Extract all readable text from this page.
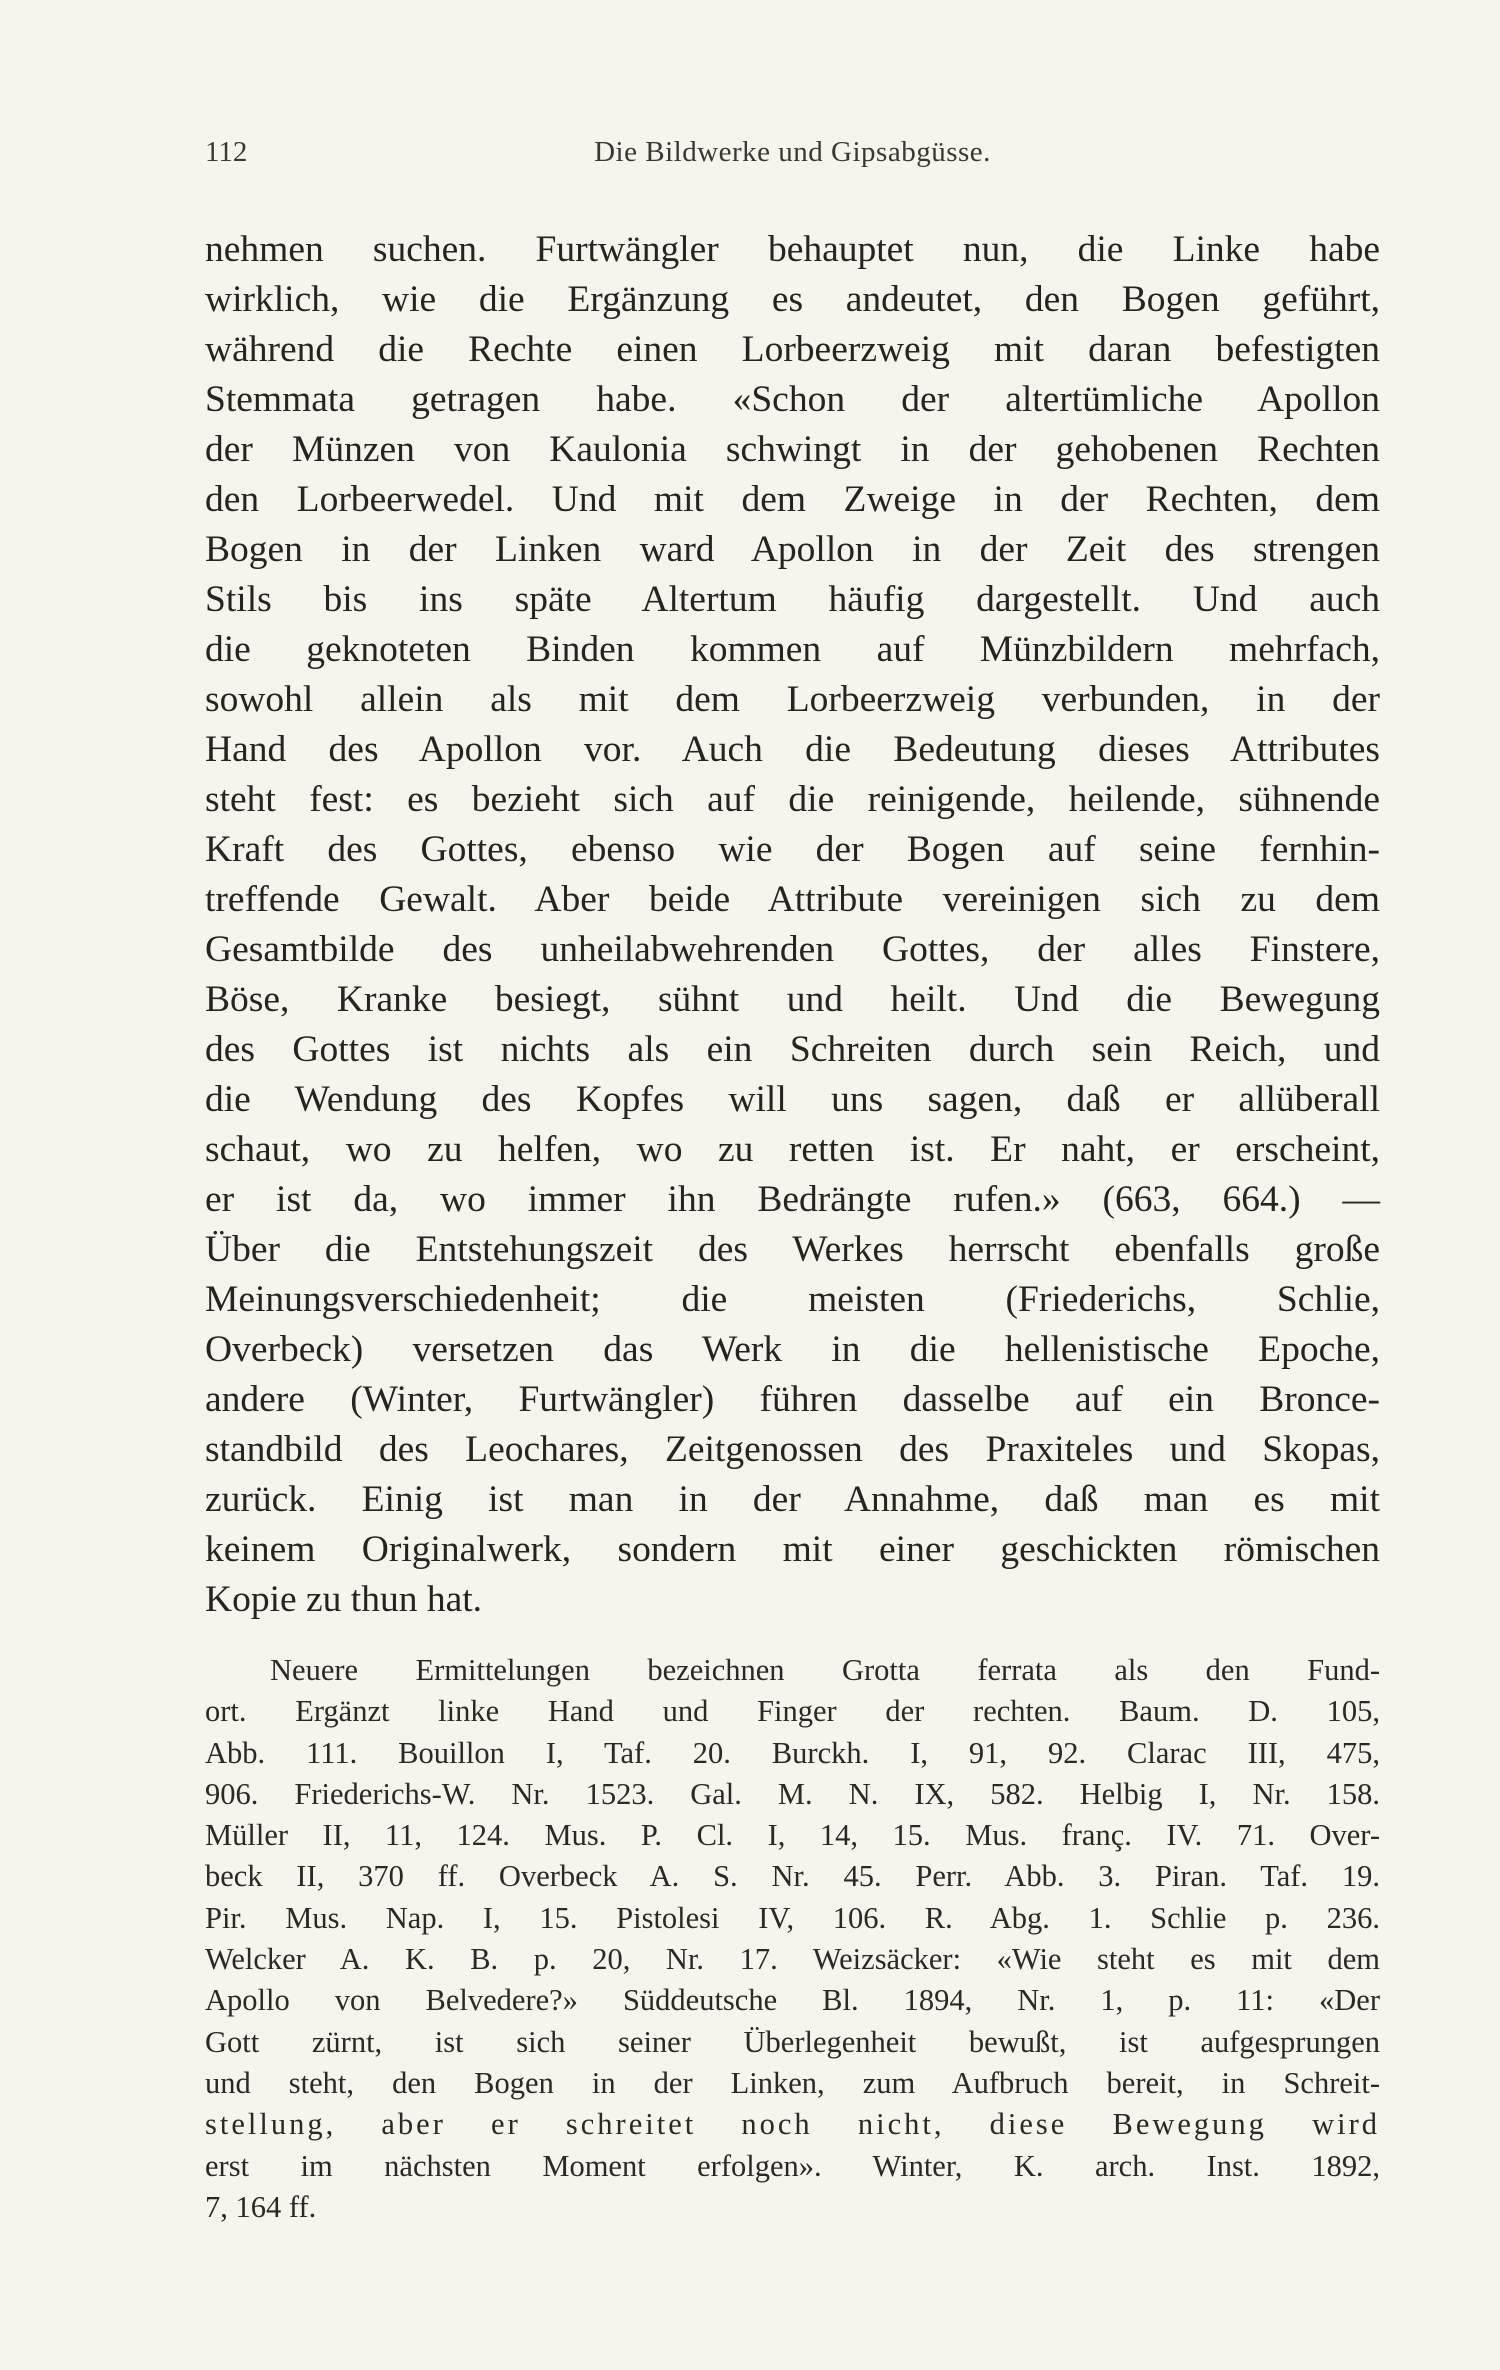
112	Die Bildwerke und Gipsabgüsse.
nehmen suchen. Furtwängler behauptet nun, die Linke habe
wirklich, wie die Ergänzung es andeutet, den Bogen geführt,
während die Rechte einen Lorbeerzweig mit daran befestigten
Stemmata getragen habe. «Schon der altertümliche Apollon
der Münzen von Kaulonia schwingt in der gehobenen Rechten
den Lorbeerwedel. Und mit dem Zweige in der Rechten, dem
Bogen in der Linken ward Apollon in der Zeit des strengen
Stils bis ins späte Altertum häufig dargestellt. Und auch
die geknoteten Binden kommen auf Münzbildern mehrfach,
sowohl allein als mit dem Lorbeerzweig verbunden, in der
Hand des Apollon vor. Auch die Bedeutung dieses Attributes
steht fest: es bezieht sich auf die reinigende, heilende, sühnende
Kraft des Gottes, ebenso wie der Bogen auf seine fernhin-
treffende Gewalt. Aber beide Attribute vereinigen sich zu dem
Gesamtbilde des unheilabwehrenden Gottes, der alles Finstere,
Böse, Kranke besiegt, sühnt und heilt. Und die Bewegung
des Gottes ist nichts als ein Schreiten durch sein Reich, und
die Wendung des Kopfes will uns sagen, daß er allüberall
schaut, wo zu helfen, wo zu retten ist. Er naht, er erscheint,
er ist da, wo immer ihn Bedrängte rufen.» (663, 664.) —
Über die Entstehungszeit des Werkes herrscht ebenfalls große
Meinungsverschiedenheit; die meisten (Friederichs, Schlie,
Overbeck) versetzen das Werk in die hellenistische Epoche,
andere (Winter, Furtwängler) führen dasselbe auf ein Bronce-
standbild des Leochares, Zeitgenossen des Praxiteles und Skopas,
zurück. Einig ist man in der Annahme, daß man es mit
keinem Originalwerk, sondern mit einer geschickten römischen
Kopie zu thun hat.
Neuere Ermittelungen bezeichnen Grotta ferrata als den Fund-
ort. Ergänzt linke Hand und Finger der rechten. Baum. D. 105,
Abb. 111. Bouillon I, Taf. 20. Burckh. I, 91, 92. Clarac III, 475,
906. Friederichs-W. Nr. 1523. Gal. M. N. IX, 582. Helbig I, Nr. 158.
Müller II, 11, 124. Mus. P. Cl. I, 14, 15. Mus. franç. IV. 71. Over-
beck II, 370 ff. Overbeck A. S. Nr. 45. Perr. Abb. 3. Piran. Taf. 19.
Pir. Mus. Nap. I, 15. Pistolesi IV, 106. R. Abg. 1. Schlie p. 236.
Welcker A. K. B. p. 20, Nr. 17. Weizsäcker: «Wie steht es mit dem
Apollo von Belvedere?» Süddeutsche Bl. 1894, Nr. 1, p. 11: «Der
Gott zürnt, ist sich seiner Überlegenheit bewußt, ist aufgesprungen
und steht, den Bogen in der Linken, zum Aufbruch bereit, in Schreit-
stellung, aber er schreitet noch nicht, diese Bewegung wird
erst im nächsten Moment erfolgen». Winter, K. arch. Inst. 1892,
7, 164 ff.
